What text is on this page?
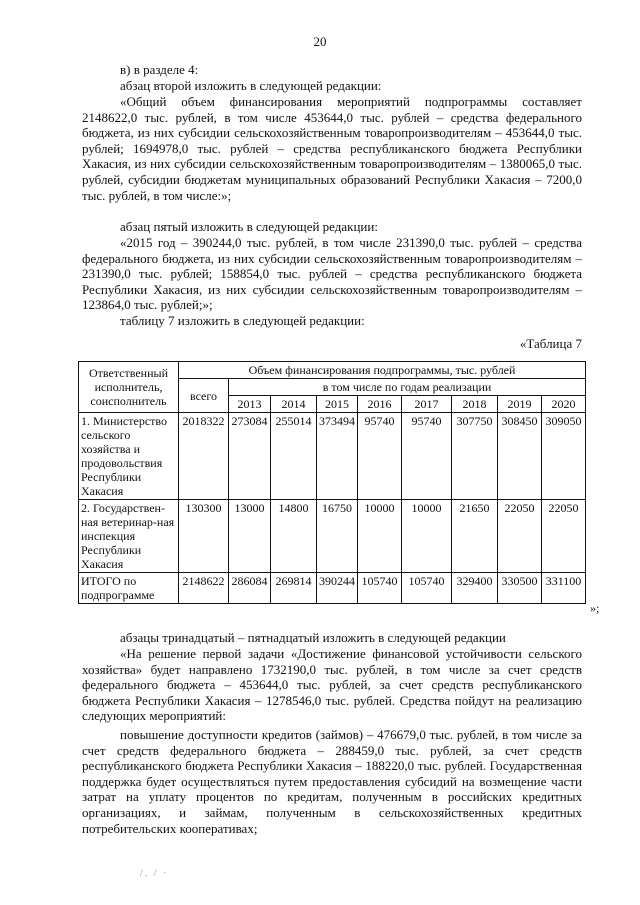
20
в) в разделе 4:
абзац второй изложить в следующей редакции:
«Общий объем финансирования мероприятий подпрограммы составляет 2148622,0 тыс. рублей, в том числе 453644,0 тыс. рублей – средства федерального бюджета, из них субсидии сельскохозяйственным товаропроизводителям – 453644,0 тыс. рублей; 1694978,0 тыс. рублей – средства республиканского бюджета Республики Хакасия, из них субсидии сельскохозяйственным товаропроизводителям – 1380065,0 тыс. рублей, субсидии бюджетам муниципальных образований Республики Хакасия – 7200,0 тыс. рублей, в том числе:»;
абзац пятый изложить в следующей редакции:
«2015 год – 390244,0 тыс. рублей, в том числе 231390,0 тыс. рублей – средства федерального бюджета, из них субсидии сельскохозяйственным товаропроизводителям – 231390,0 тыс. рублей; 158854,0 тыс. рублей – средства республиканского бюджета Республики Хакасия, из них субсидии сельскохозяйственным товаропроизводителям – 123864,0 тыс. рублей;»;
таблицу 7 изложить в следующей редакции:
«Таблица 7
Ответственный исполнитель, соисполнитель	Объем финансирования подпрограммы, тыс. рублей								
	всего	в том числе по годам реализации							
		2013	2014	2015	2016	2017	2018	2019	2020
1. Министерство сельского хозяйства и продовольствия Республики Хакасия	2018322	273084	255014	373494	95740	95740	307750	308450	309050
2. Государствен-ная ветеринар-ная инспекция Республики Хакасия	130300	13000	14800	16750	10000	10000	21650	22050	22050
ИТОГО по подпрограмме	2148622	286084	269814	390244	105740	105740	329400	330500	331100
»;
абзацы тринадцатый – пятнадцатый изложить в следующей редакции
«На решение первой задачи «Достижение финансовой устойчивости сельского хозяйства» будет направлено 1732190,0 тыс. рублей, в том числе за счет средств федерального бюджета – 453644,0 тыс. рублей, за счет средств республиканского бюджета Республики Хакасия – 1278546,0 тыс. рублей. Средства пойдут на реализацию следующих мероприятий:
повышение доступности кредитов (займов) – 476679,0 тыс. рублей, в том числе за счет средств федерального бюджета – 288459,0 тыс. рублей, за счет средств республиканского бюджета Республики Хакасия – 188220,0 тыс. рублей. Государственная поддержка будет осуществляться путем предоставления субсидий на возмещение части затрат на уплату процентов по кредитам, полученным в российских кредитных организациях, и займам, полученным в сельскохозяйственных кредитных потребительских кооперативах;
/. / ·
